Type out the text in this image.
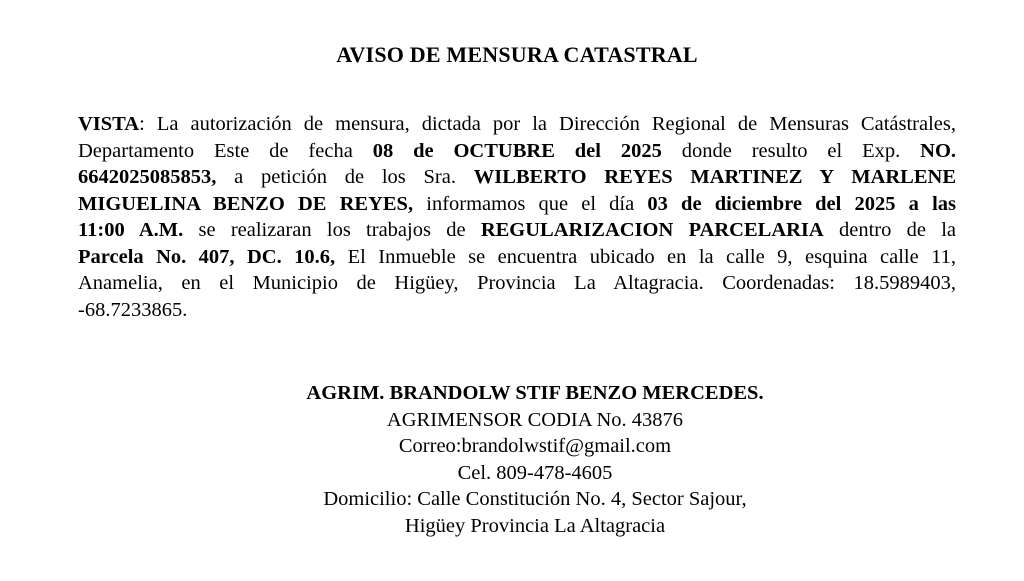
AVISO DE MENSURA CATASTRAL
VISTA: La autorización de mensura, dictada por la Dirección Regional de Mensuras Catástrales,
Departamento Este de fecha 08 de OCTUBRE del 2025 donde resulto el Exp. NO.
6642025085853, a petición de los Sra. WILBERTO REYES MARTINEZ Y MARLENE
MIGUELINA BENZO DE REYES, informamos que el día 03 de diciembre del 2025 a las
11:00 A.M. se realizaran los trabajos de REGULARIZACION PARCELARIA dentro de la
Parcela No. 407, DC. 10.6, El Inmueble se encuentra ubicado en la calle 9, esquina calle 11,
Anamelia, en el Municipio de Higüey, Provincia La Altagracia. Coordenadas: 18.5989403,
-68.7233865.
AGRIM. BRANDOLW STIF BENZO MERCEDES.
AGRIMENSOR CODIA No. 43876
Correo:brandolwstif@gmail.com
Cel. 809-478-4605
Domicilio: Calle Constitución No. 4, Sector Sajour,
Higüey Provincia La Altagracia
